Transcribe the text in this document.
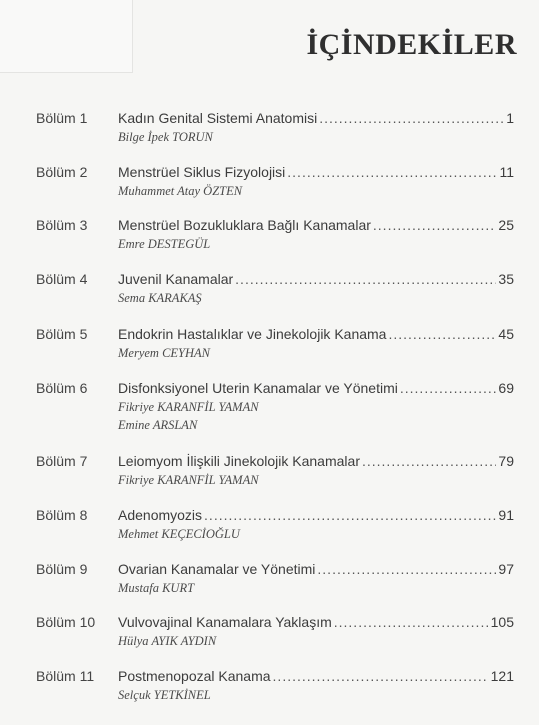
İÇİNDEKİLER
Bölüm 1 Kadın Genital Sistemi Anatomisi .....	1
Bilge İpek TORUN
Bölüm 2 Menstrüel Siklus Fizyolojisi .....	11
Muhammet Atay ÖZTEN
Bölüm 3 Menstrüel Bozukluklara Bağlı Kanamalar .....	25
Emre DESTEGÜL
Bölüm 4 Juvenil Kanamalar .....	35
Sema KARAKAŞ
Bölüm 5 Endokrin Hastalıklar ve Jinekolojik Kanama .....	45
Meryem CEYHAN
Bölüm 6 Disfonksiyonel Uterin Kanamalar ve Yönetimi .....	69
Fikriye KARANFİL YAMAN
Emine ARSLAN
Bölüm 7 Leiomyom İlişkili Jinekolojik Kanamalar .....	79
Fikriye KARANFİL YAMAN
Bölüm 8 Adenomyozis .....	91
Mehmet KEÇECİOĞLU
Bölüm 9 Ovarian Kanamalar ve Yönetimi .....	97
Mustafa KURT
Bölüm 10 Vulvovajinal Kanamalara Yaklaşım .....	105
Hülya AYIK AYDIN
Bölüm 11 Postmenopozal Kanama .....	121
Selçuk YETKİNEL
